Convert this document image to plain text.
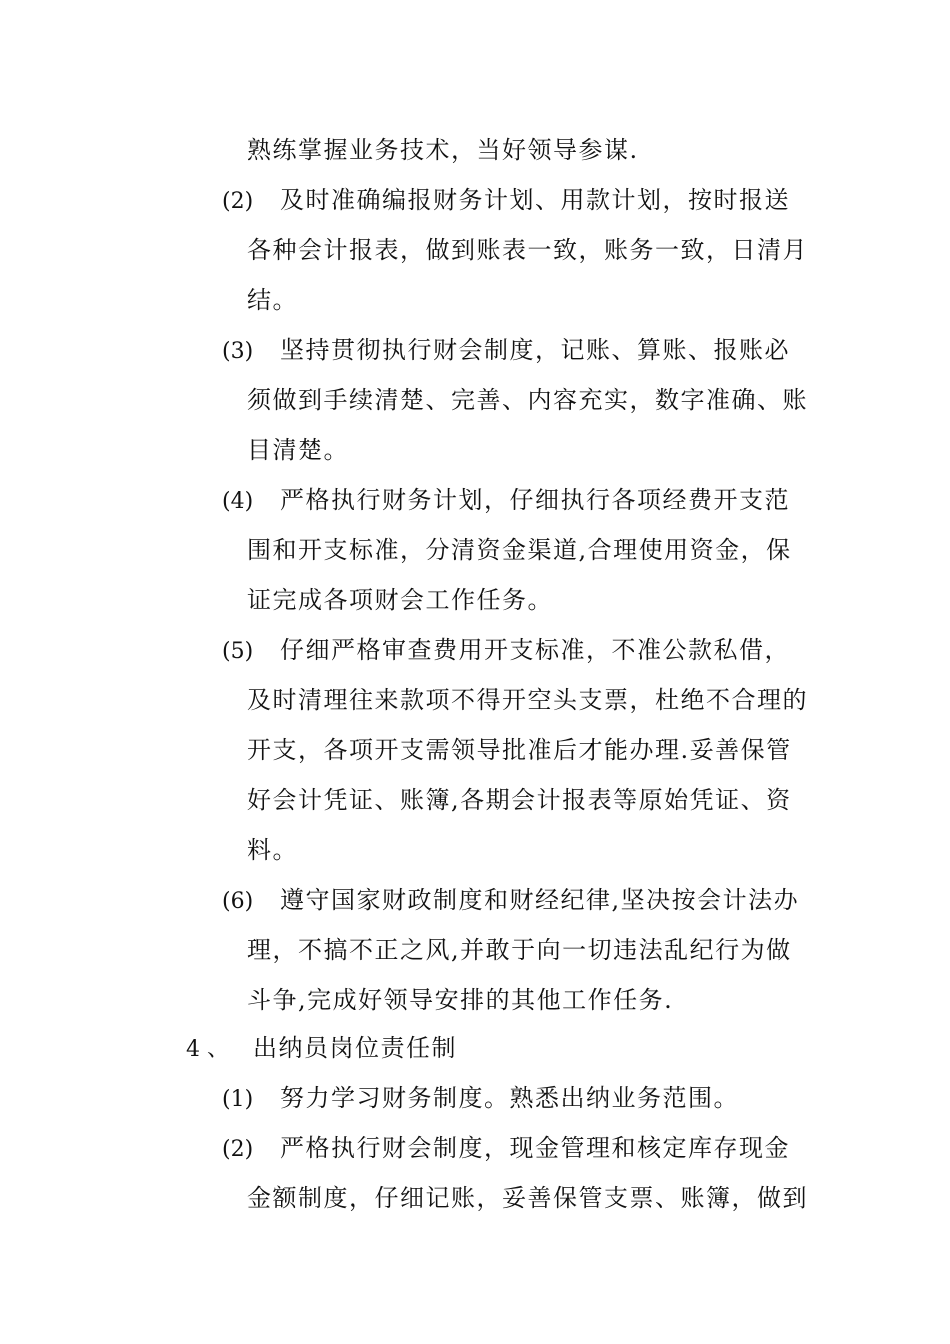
熟练掌握业务技术，当好领导参谋.
(2) 及时准确编报财务计划、用款计划，按时报送
各种会计报表，做到账表一致，账务一致，日清月
结。
(3) 坚持贯彻执行财会制度，记账、算账、报账必
须做到手续清楚、完善、内容充实，数字准确、账
目清楚。
(4) 严格执行财务计划，仔细执行各项经费开支范
围和开支标准，分清资金渠道,合理使用资金，保
证完成各项财会工作任务。
(5) 仔细严格审查费用开支标准，不准公款私借，
及时清理往来款项不得开空头支票，杜绝不合理的
开支，各项开支需领导批准后才能办理.妥善保管
好会计凭证、账簿,各期会计报表等原始凭证、资
料。
(6) 遵守国家财政制度和财经纪律,坚决按会计法办
理，不搞不正之风,并敢于向一切违法乱纪行为做
斗争,完成好领导安排的其他工作任务.
4 、 出纳员岗位责任制
(1) 努力学习财务制度。熟悉出纳业务范围。
(2) 严格执行财会制度，现金管理和核定库存现金
金额制度，仔细记账，妥善保管支票、账簿，做到
